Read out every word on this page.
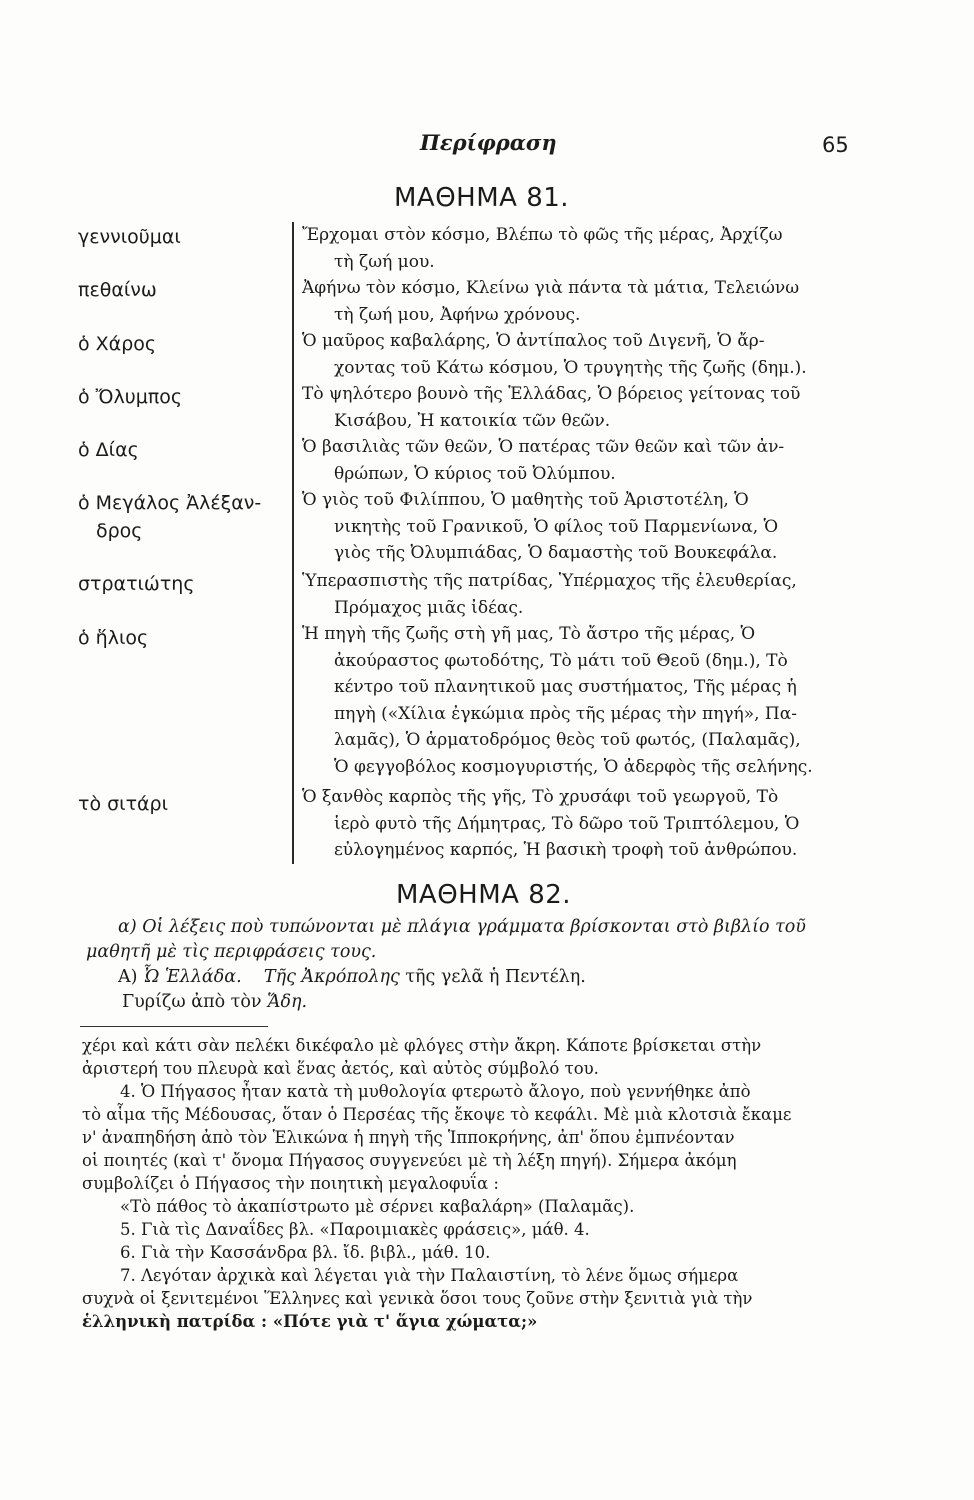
Περίφραση	65
ΜΑΘΗΜΑ 81.
γεννιοῦμαι
πεθαίνω
ὁ Χάρος
ὁ Ὄλυμπος
ὁ Δίας
ὁ Μεγάλος Ἀλέξαν-
δρος
στρατιώτης
ὁ ἥλιος
τὸ σιτάρι
Ἔρχομαι στὸν κόσμο, Βλέπω τὸ φῶς τῆς μέρας, Ἀρχίζω
τὴ ζωή μου.
Ἀφήνω τὸν κόσμο, Κλείνω γιὰ πάντα τὰ μάτια, Τελειώνω
τὴ ζωή μου, Ἀφήνω χρόνους.
Ὁ μαῦρος καβαλάρης, Ὁ ἀντίπαλος τοῦ Διγενῆ, Ὁ ἄρ-
χοντας τοῦ Κάτω κόσμου, Ὁ τρυγητὴς τῆς ζωῆς (δημ.).
Τὸ ψηλότερο βουνὸ τῆς Ἑλλάδας, Ὁ βόρειος γείτονας τοῦ
Κισάβου, Ἡ κατοικία τῶν θεῶν.
Ὁ βασιλιὰς τῶν θεῶν, Ὁ πατέρας τῶν θεῶν καὶ τῶν ἀν-
θρώπων, Ὁ κύριος τοῦ Ὀλύμπου.
Ὁ γιὸς τοῦ Φιλίππου, Ὁ μαθητὴς τοῦ Ἀριστοτέλη, Ὁ
νικητὴς τοῦ Γρανικοῦ, Ὁ φίλος τοῦ Παρμενίωνα, Ὁ
γιὸς τῆς Ὀλυμπιάδας, Ὁ δαμαστὴς τοῦ Βουκεφάλα.
Ὑπερασπιστὴς τῆς πατρίδας, Ὑπέρμαχος τῆς ἐλευθερίας,
Πρόμαχος μιᾶς ἰδέας.
Ἡ πηγὴ τῆς ζωῆς στὴ γῆ μας, Τὸ ἄστρο τῆς μέρας, Ὁ
ἀκούραστος φωτοδότης, Τὸ μάτι τοῦ Θεοῦ (δημ.), Τὸ
κέντρο τοῦ πλανητικοῦ μας συστήματος, Τῆς μέρας ἡ
πηγὴ («Χίλια ἐγκώμια πρὸς τῆς μέρας τὴν πηγή», Πα-
λαμᾶς), Ὁ ἁρματοδρόμος θεὸς τοῦ φωτός, (Παλαμᾶς),
Ὁ φεγγοβόλος κοσμογυριστής, Ὁ ἀδερφὸς τῆς σελήνης.
Ὁ ξανθὸς καρπὸς τῆς γῆς, Τὸ χρυσάφι τοῦ γεωργοῦ, Τὸ
ἱερὸ φυτὸ τῆς Δήμητρας, Τὸ δῶρο τοῦ Τριπτόλεμου, Ὁ
εὐλογημένος καρπός, Ἡ βασικὴ τροφὴ τοῦ ἀνθρώπου.
ΜΑΘΗΜΑ 82.
α) Οἱ λέξεις ποὺ τυπώνονται μὲ πλάγια γράμματα βρίσκονται στὸ βιβλίο τοῦ
μαθητῆ μὲ τὶς περιφράσεις τους.
Α) Ὦ Ἑλλάδα. Τῆς Ἀκρόπολης τῆς γελᾶ ἡ Πεντέλη.
Γυρίζω ἀπὸ τὸν Ἅδη.
χέρι καὶ κάτι σὰν πελέκι δικέφαλο μὲ φλόγες στὴν ἄκρη. Κάποτε βρίσκεται στὴν
ἀριστερή του πλευρὰ καὶ ἕνας ἀετός, καὶ αὐτὸς σύμβολό του.
4. Ὁ Πήγασος ἦταν κατὰ τὴ μυθολογία φτερωτὸ ἄλογο, ποὺ γεννήθηκε ἀπὸ
τὸ αἷμα τῆς Μέδουσας, ὅταν ὁ Περσέας τῆς ἔκοψε τὸ κεφάλι. Μὲ μιὰ κλοτσιὰ ἔκαμε
ν' ἀναπηδήση ἀπὸ τὸν Ἑλικώνα ἡ πηγὴ τῆς Ἱπποκρήνης, ἀπ' ὅπου ἐμπνέονταν
οἱ ποιητές (καὶ τ' ὄνομα Πήγασος συγγενεύει μὲ τὴ λέξη πηγή). Σήμερα ἀκόμη
συμβολίζει ὁ Πήγασος τὴν ποιητικὴ μεγαλοφυΐα :
«Τὸ πάθος τὸ ἀκαπίστρωτο μὲ σέρνει καβαλάρη» (Παλαμᾶς).
5. Γιὰ τὶς Δαναΐδες βλ. «Παροιμιακὲς φράσεις», μάθ. 4.
6. Γιὰ τὴν Κασσάνδρα βλ. ἴδ. βιβλ., μάθ. 10.
7. Λεγόταν ἀρχικὰ καὶ λέγεται γιὰ τὴν Παλαιστίνη, τὸ λένε ὅμως σήμερα
συχνὰ οἱ ξενιτεμένοι Ἕλληνες καὶ γενικὰ ὅσοι τους ζοῦνε στὴν ξενιτιὰ γιὰ τὴν
ἑλληνικὴ πατρίδα : «Πότε γιὰ τ' ἅγια χώματα;»
